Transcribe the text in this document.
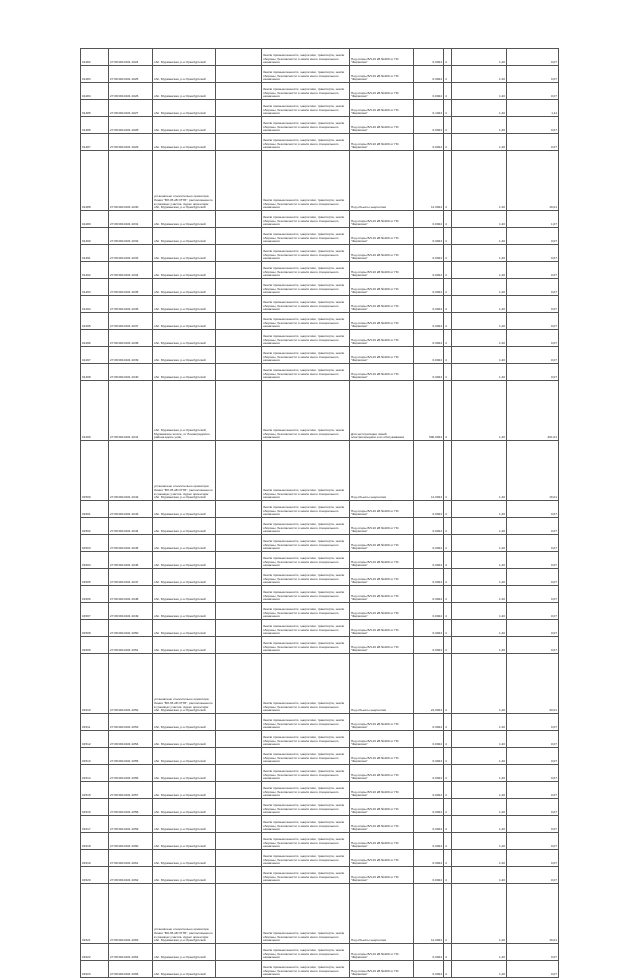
01482	27:08:0010101:1024	обл. Мурманская, р-н Оренбургский		Земли промышленности, энергетики, транспорта, земли обороны, безопасности и земли иного специального назначения	Под опоры ВЛ-10 кВ №100 от ПС "Фермская"	0,0024	4	1,40	0,07
01483	27:08:0010101:1025	обл. Мурманская, р-н Оренбургский		Земли промышленности, энергетики, транспорта, земли обороны, безопасности и земли иного специального назначения	Под опоры ВЛ-10 кВ №100 от ПС "Фермская"	0,0024	4	1,40	0,07
01484	27:08:0010101:1026	обл. Мурманская, р-н Оренбургский		Земли промышленности, энергетики, транспорта, земли обороны, безопасности и земли иного специального назначения	Под опоры ВЛ-10 кВ №100 от ПС "Фермская"	0,0024	4	1,40	0,07
01485	27:08:0010101:1027	обл. Мурманская, р-н Оренбургский		Земли промышленности, энергетики, транспорта, земли обороны, безопасности и земли иного специального назначения	Под опоры ВЛ-10 кВ №100 от ПС "Фермская"	0,1024	4	1,40	1,11
01486	27:08:0010101:1028	обл. Мурманская, р-н Оренбургский		Земли промышленности, энергетики, транспорта, земли обороны, безопасности и земли иного специального назначения	Под опоры ВЛ-10 кВ №100 от ПС "Фермская"	0,0024	4	1,40	0,07
01487	27:08:0010101:1029	обл. Мурманская, р-н Оренбургский		Земли промышленности, энергетики, транспорта, земли обороны, безопасности и земли иного специального назначения	Под опоры ВЛ-10 кВ №100 от ПС "Фермская"	0,0024	4	1,40	0,07
01488	27:08:0010101:1030	установлено относительно ориентира Линия "ВЛ-35 кВ ОТ35", расположенного в границах участка. Адрес ориентира: обл. Мурманская, р-н Оренбургский		Земли промышленности, энергетики, транспорта, земли обороны, безопасности и земли иного специального назначения	Под объекты энергетики	11,0024	4	1,40	16,01
01489	27:08:0010101:1031	обл. Мурманская, р-н Оренбургский		Земли промышленности, энергетики, транспорта, земли обороны, безопасности и земли иного специального назначения	Под опоры ВЛ-10 кВ №100 от ПС "Фермская"	0,0024	4	1,40	1,07
01490	27:08:0010101:1032	обл. Мурманская, р-н Оренбургский		Земли промышленности, энергетики, транспорта, земли обороны, безопасности и земли иного специального назначения	Под опоры ВЛ-10 кВ №100 от ПС "Фермская"	0,0024	4	1,40	0,07
01491	27:08:0010101:1033	обл. Мурманская, р-н Оренбургский		Земли промышленности, энергетики, транспорта, земли обороны, безопасности и земли иного специального назначения	Под опоры ВЛ-10 кВ №100 от ПС "Фермская"	0,0024	4	1,40	0,07
01492	27:08:0010101:1034	обл. Мурманская, р-н Оренбургский		Земли промышленности, энергетики, транспорта, земли обороны, безопасности и земли иного специального назначения	Под опоры ВЛ-10 кВ №100 от ПС "Фермская"	0,0024	4	1,40	0,07
01493	27:08:0010101:1035	обл. Мурманская, р-н Оренбургский		Земли промышленности, энергетики, транспорта, земли обороны, безопасности и земли иного специального назначения	Под опоры ВЛ-10 кВ №100 от ПС "Фермская"	0,0024	4	1,40	0,07
01494	27:08:0010101:1036	обл. Мурманская, р-н Оренбургский		Земли промышленности, энергетики, транспорта, земли обороны, безопасности и земли иного специального назначения	Под опоры ВЛ-10 кВ №100 от ПС "Фермская"	0,0024	4	1,40	0,07
01495	27:08:0010101:1037	обл. Мурманская, р-н Оренбургский		Земли промышленности, энергетики, транспорта, земли обороны, безопасности и земли иного специального назначения	Под опоры ВЛ-10 кВ №100 от ПС "Фермская"	0,0024	4	1,40	0,07
01496	27:08:0010101:1038	обл. Мурманская, р-н Оренбургский		Земли промышленности, энергетики, транспорта, земли обороны, безопасности и земли иного специального назначения	Под опоры ВЛ-10 кВ №100 от ПС "Фермская"	0,0024	4	1,40	0,07
01497	27:08:0010101:1039	обл. Мурманская, р-н Оренбургский		Земли промышленности, энергетики, транспорта, земли обороны, безопасности и земли иного специального назначения	Под опоры ВЛ-10 кВ №100 от ПС "Фермская"	0,0024	4	1,40	0,07
01498	27:08:0010101:1040	обл. Мурманская, р-н Оренбургский		Земли промышленности, энергетики, транспорта, земли обороны, безопасности и земли иного специального назначения	Под опоры ВЛ-10 кВ №100 от ПС "Фермская"	0,0024	4	1,40	0,07
01499	27:08:0010101:1041	обл. Мурманская, р-н Оренбургский, Мурманское шоссе, от Ленинградского района вдоль улиц		Земли промышленности, энергетики, транспорта, земли обороны, безопасности и земли иного специального назначения	Для эксплуатации линий электропередачи и их обслуживания	500,0024	4	1,40	201,01
01500	27:08:0010101:1042	установлено относительно ориентира Линия "ВЛ-35 кВ ОТ35", расположенного в границах участка. Адрес ориентира: обл. Мурманская, р-н Оренбургский		Земли промышленности, энергетики, транспорта, земли обороны, безопасности и земли иного специального назначения	Под объекты энергетики	11,0024	4	1,40	16,01
01501	27:08:0010101:1043	обл. Мурманская, р-н Оренбургский		Земли промышленности, энергетики, транспорта, земли обороны, безопасности и земли иного специального назначения	Под опоры ВЛ-10 кВ №100 от ПС "Фермская"	0,0024	4	1,40	0,07
01502	27:08:0010101:1044	обл. Мурманская, р-н Оренбургский		Земли промышленности, энергетики, транспорта, земли обороны, безопасности и земли иного специального назначения	Под опоры ВЛ-10 кВ №100 от ПС "Фермская"	0,0024	4	1,40	0,07
01503	27:08:0010101:1045	обл. Мурманская, р-н Оренбургский		Земли промышленности, энергетики, транспорта, земли обороны, безопасности и земли иного специального назначения	Под опоры ВЛ-10 кВ №100 от ПС "Фермская"	0,0024	4	1,40	0,07
01504	27:08:0010101:1046	обл. Мурманская, р-н Оренбургский		Земли промышленности, энергетики, транспорта, земли обороны, безопасности и земли иного специального назначения	Под опоры ВЛ-10 кВ №100 от ПС "Фермская"	0,0024	4	1,40	0,07
01505	27:08:0010101:1047	обл. Мурманская, р-н Оренбургский		Земли промышленности, энергетики, транспорта, земли обороны, безопасности и земли иного специального назначения	Под опоры ВЛ-10 кВ №100 от ПС "Фермская"	0,0024	4	1,40	0,07
01506	27:08:0010101:1048	обл. Мурманская, р-н Оренбургский		Земли промышленности, энергетики, транспорта, земли обороны, безопасности и земли иного специального назначения	Под опоры ВЛ-10 кВ №100 от ПС "Фермская"	0,0024	4	1,40	0,07
01507	27:08:0010101:1049	обл. Мурманская, р-н Оренбургский		Земли промышленности, энергетики, транспорта, земли обороны, безопасности и земли иного специального назначения	Под опоры ВЛ-10 кВ №100 от ПС "Фермская"	0,0024	4	1,40	0,07
01508	27:08:0010101:1050	обл. Мурманская, р-н Оренбургский		Земли промышленности, энергетики, транспорта, земли обороны, безопасности и земли иного специального назначения	Под опоры ВЛ-10 кВ №100 от ПС "Фермская"	0,0024	4	1,40	0,07
01509	27:08:0010101:1051	обл. Мурманская, р-н Оренбургский		Земли промышленности, энергетики, транспорта, земли обороны, безопасности и земли иного специального назначения	Под опоры ВЛ-10 кВ №100 от ПС "Фермская"	0,0024	4	1,40	0,07
01510	27:08:0010101:1052	установлено относительно ориентира Линия "ВЛ-35 кВ ОТ35", расположенного в границах участка. Адрес ориентира: обл. Мурманская, р-н Оренбургский		Земли промышленности, энергетики, транспорта, земли обороны, безопасности и земли иного специального назначения	Под объекты энергетики	21,0024	4	1,40	30,01
01511	27:08:0010101:1053	обл. Мурманская, р-н Оренбургский		Земли промышленности, энергетики, транспорта, земли обороны, безопасности и земли иного специального назначения	Под опоры ВЛ-10 кВ №100 от ПС "Фермская"	0,0024	4	1,40	0,07
01512	27:08:0010101:1054	обл. Мурманская, р-н Оренбургский		Земли промышленности, энергетики, транспорта, земли обороны, безопасности и земли иного специального назначения	Под опоры ВЛ-10 кВ №100 от ПС "Фермская"	0,0024	4	1,40	0,07
01513	27:08:0010101:1055	обл. Мурманская, р-н Оренбургский		Земли промышленности, энергетики, транспорта, земли обороны, безопасности и земли иного специального назначения	Под опоры ВЛ-10 кВ №100 от ПС "Фермская"	0,0024	4	1,40	0,07
01514	27:08:0010101:1056	обл. Мурманская, р-н Оренбургский		Земли промышленности, энергетики, транспорта, земли обороны, безопасности и земли иного специального назначения	Под опоры ВЛ-10 кВ №100 от ПС "Фермская"	0,0024	4	1,40	0,07
01515	27:08:0010101:1057	обл. Мурманская, р-н Оренбургский		Земли промышленности, энергетики, транспорта, земли обороны, безопасности и земли иного специального назначения	Под опоры ВЛ-10 кВ №100 от ПС "Фермская"	0,0024	4	1,40	0,07
01516	27:08:0010101:1058	обл. Мурманская, р-н Оренбургский		Земли промышленности, энергетики, транспорта, земли обороны, безопасности и земли иного специального назначения	Под опоры ВЛ-10 кВ №100 от ПС "Фермская"	0,0024	4	1,40	0,07
01517	27:08:0010101:1059	обл. Мурманская, р-н Оренбургский		Земли промышленности, энергетики, транспорта, земли обороны, безопасности и земли иного специального назначения	Под опоры ВЛ-10 кВ №100 от ПС "Фермская"	0,0024	4	1,40	0,07
01518	27:08:0010101:1060	обл. Мурманская, р-н Оренбургский		Земли промышленности, энергетики, транспорта, земли обороны, безопасности и земли иного специального назначения	Под опоры ВЛ-10 кВ №100 от ПС "Фермская"	0,0024	4	1,40	0,07
01519	27:08:0010101:1061	обл. Мурманская, р-н Оренбургский		Земли промышленности, энергетики, транспорта, земли обороны, безопасности и земли иного специального назначения	Под опоры ВЛ-10 кВ №100 от ПС "Фермская"	0,0024	4	1,40	0,07
01520	27:08:0010101:1062	обл. Мурманская, р-н Оренбургский		Земли промышленности, энергетики, транспорта, земли обороны, безопасности и земли иного специального назначения	Под опоры ВЛ-10 кВ №100 от ПС "Фермская"	0,0024	4	1,40	0,07
01521	27:08:0010101:1063	установлено относительно ориентира Линия "ВЛ-35 кВ ОТ35", расположенного в границах участка. Адрес ориентира: обл. Мурманская, р-н Оренбургский		Земли промышленности, энергетики, транспорта, земли обороны, безопасности и земли иного специального назначения	Под объекты энергетики	11,0024	4	1,40	16,01
01522	27:08:0010101:1064	обл. Мурманская, р-н Оренбургский		Земли промышленности, энергетики, транспорта, земли обороны, безопасности и земли иного специального назначения	Под опоры ВЛ-10 кВ №100 от ПС "Фермская"	0,0024	4	1,40	0,07
01523	27:08:0010101:1065	обл. Мурманская, р-н Оренбургский		Земли промышленности, энергетики, транспорта, земли обороны, безопасности и земли иного специального назначения	Под опоры ВЛ-10 кВ №100 от ПС "Фермская"	0,0024	4	1,40	0,07
